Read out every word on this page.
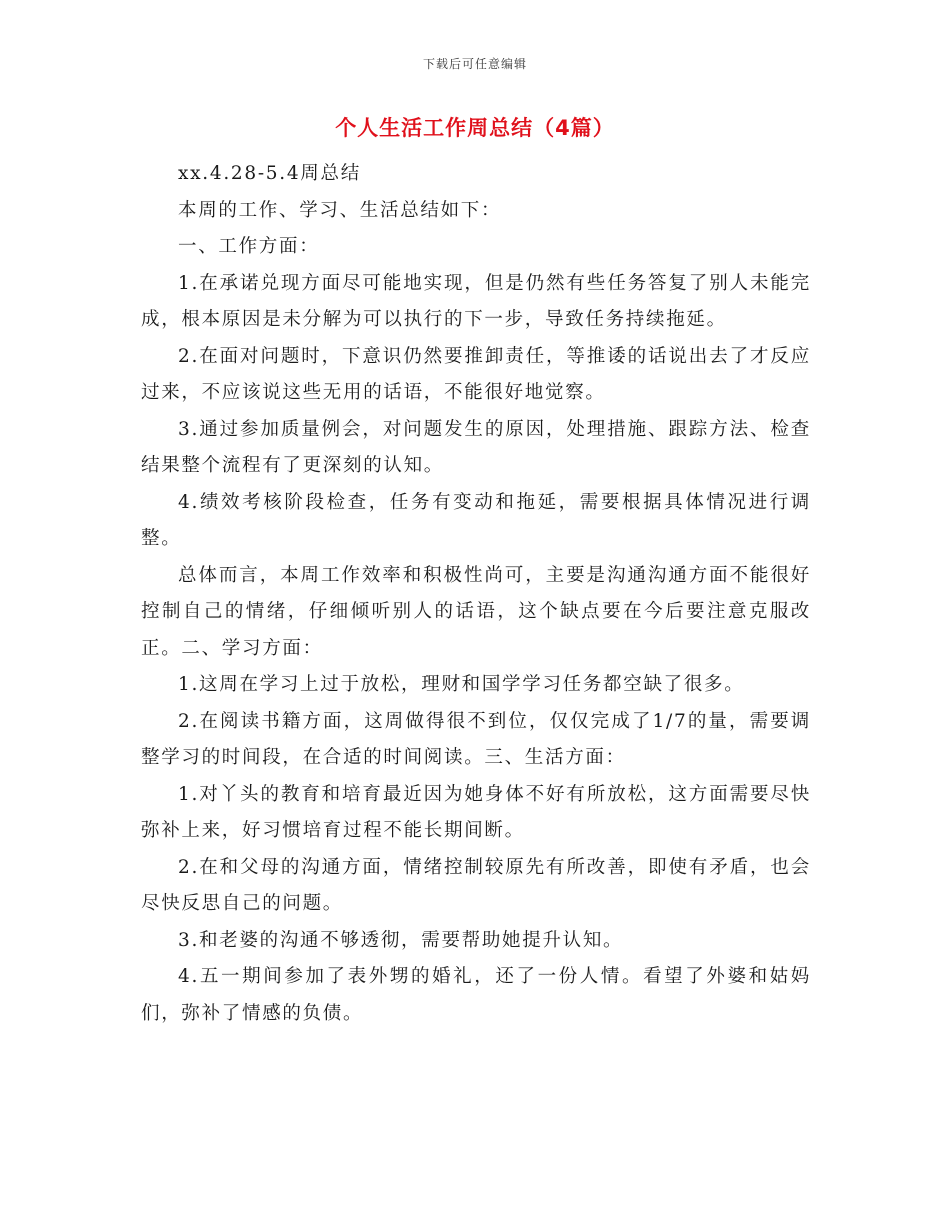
下载后可任意编辑
个人生活工作周总结（4篇）

xx.4.28-5.4周总结

本周的工作、学习、生活总结如下：

一、工作方面：

1.在承诺兑现方面尽可能地实现，但是仍然有些任务答复了别人未能完成，根本原因是未分解为可以执行的下一步，导致任务持续拖延。

2.在面对问题时，下意识仍然要推卸责任，等推诿的话说出去了才反应过来，不应该说这些无用的话语，不能很好地觉察。

3.通过参加质量例会，对问题发生的原因，处理措施、跟踪方法、检查结果整个流程有了更深刻的认知。

4.绩效考核阶段检查，任务有变动和拖延，需要根据具体情况进行调整。

总体而言，本周工作效率和积极性尚可，主要是沟通沟通方面不能很好控制自己的情绪，仔细倾听别人的话语，这个缺点要在今后要注意克服改正。二、学习方面：

1.这周在学习上过于放松，理财和国学学习任务都空缺了很多。

2.在阅读书籍方面，这周做得很不到位，仅仅完成了1/7的量，需要调整学习的时间段，在合适的时间阅读。三、生活方面：

1.对丫头的教育和培育最近因为她身体不好有所放松，这方面需要尽快弥补上来，好习惯培育过程不能长期间断。

2.在和父母的沟通方面，情绪控制较原先有所改善，即使有矛盾，也会尽快反思自己的问题。

3.和老婆的沟通不够透彻，需要帮助她提升认知。

4.五一期间参加了表外甥的婚礼，还了一份人情。看望了外婆和姑妈们，弥补了情感的负债。
